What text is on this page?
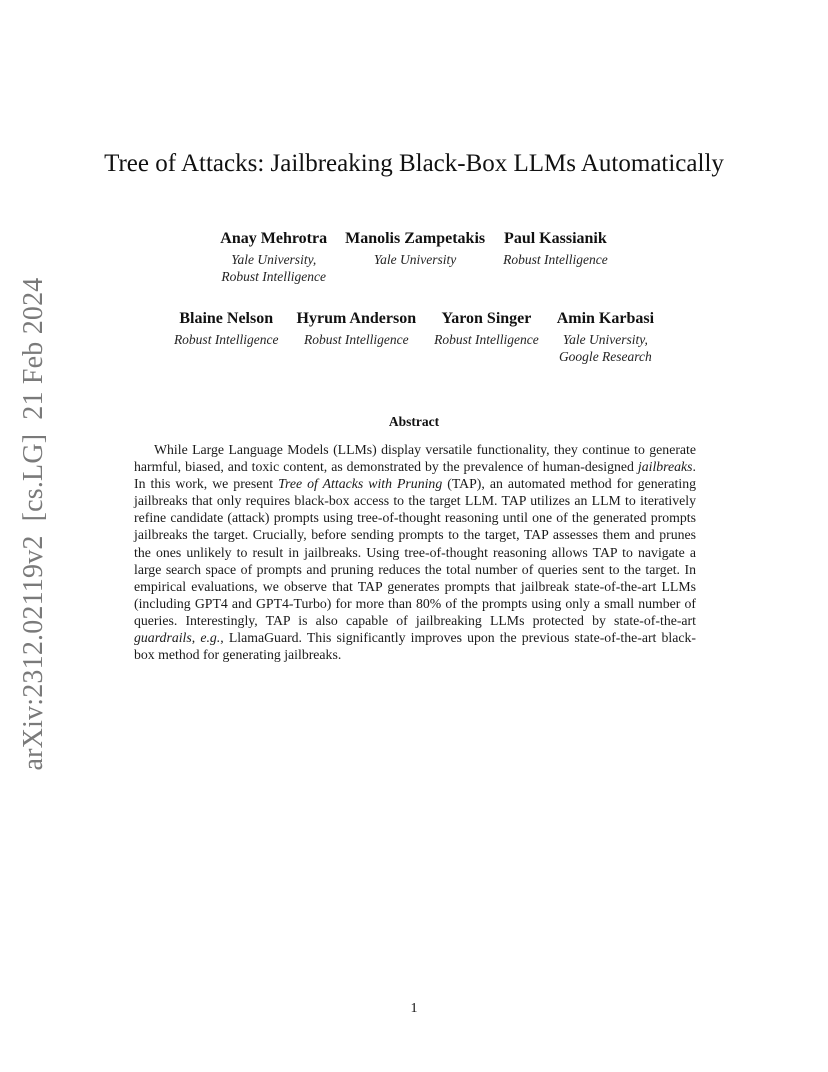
arXiv:2312.02119v2[cs.LG]21 Feb 2024
Tree of Attacks: Jailbreaking Black-Box LLMs Automatically
Anay Mehrotra
Yale University,
Robust Intelligence
Manolis Zampetakis
Yale University
Paul Kassianik
Robust Intelligence
Blaine Nelson
Robust Intelligence
Hyrum Anderson
Robust Intelligence
Yaron Singer
Robust Intelligence
Amin Karbasi
Yale University,
Google Research
Abstract

While Large Language Models (LLMs) display versatile functionality, they continue to generate harmful, biased, and toxic content, as demonstrated by the prevalence of human-designed jailbreaks. In this work, we present Tree of Attacks with Pruning (TAP), an automated method for generating jailbreaks that only requires black-box access to the target LLM. TAP utilizes an LLM to iteratively refine candidate (attack) prompts using tree-of-thought reasoning until one of the generated prompts jailbreaks the target. Crucially, before sending prompts to the target, TAP assesses them and prunes the ones unlikely to result in jailbreaks. Using tree-of-thought reasoning allows TAP to navigate a large search space of prompts and pruning reduces the total number of queries sent to the target. In empirical evaluations, we observe that TAP generates prompts that jailbreak state-of-the-art LLMs (including GPT4 and GPT4-Turbo) for more than 80% of the prompts using only a small number of queries. Interestingly, TAP is also capable of jailbreaking LLMs protected by state-of-the-art guardrails, e.g., LlamaGuard. This significantly improves upon the previous state-of-the-art black-box method for generating jailbreaks.

1
